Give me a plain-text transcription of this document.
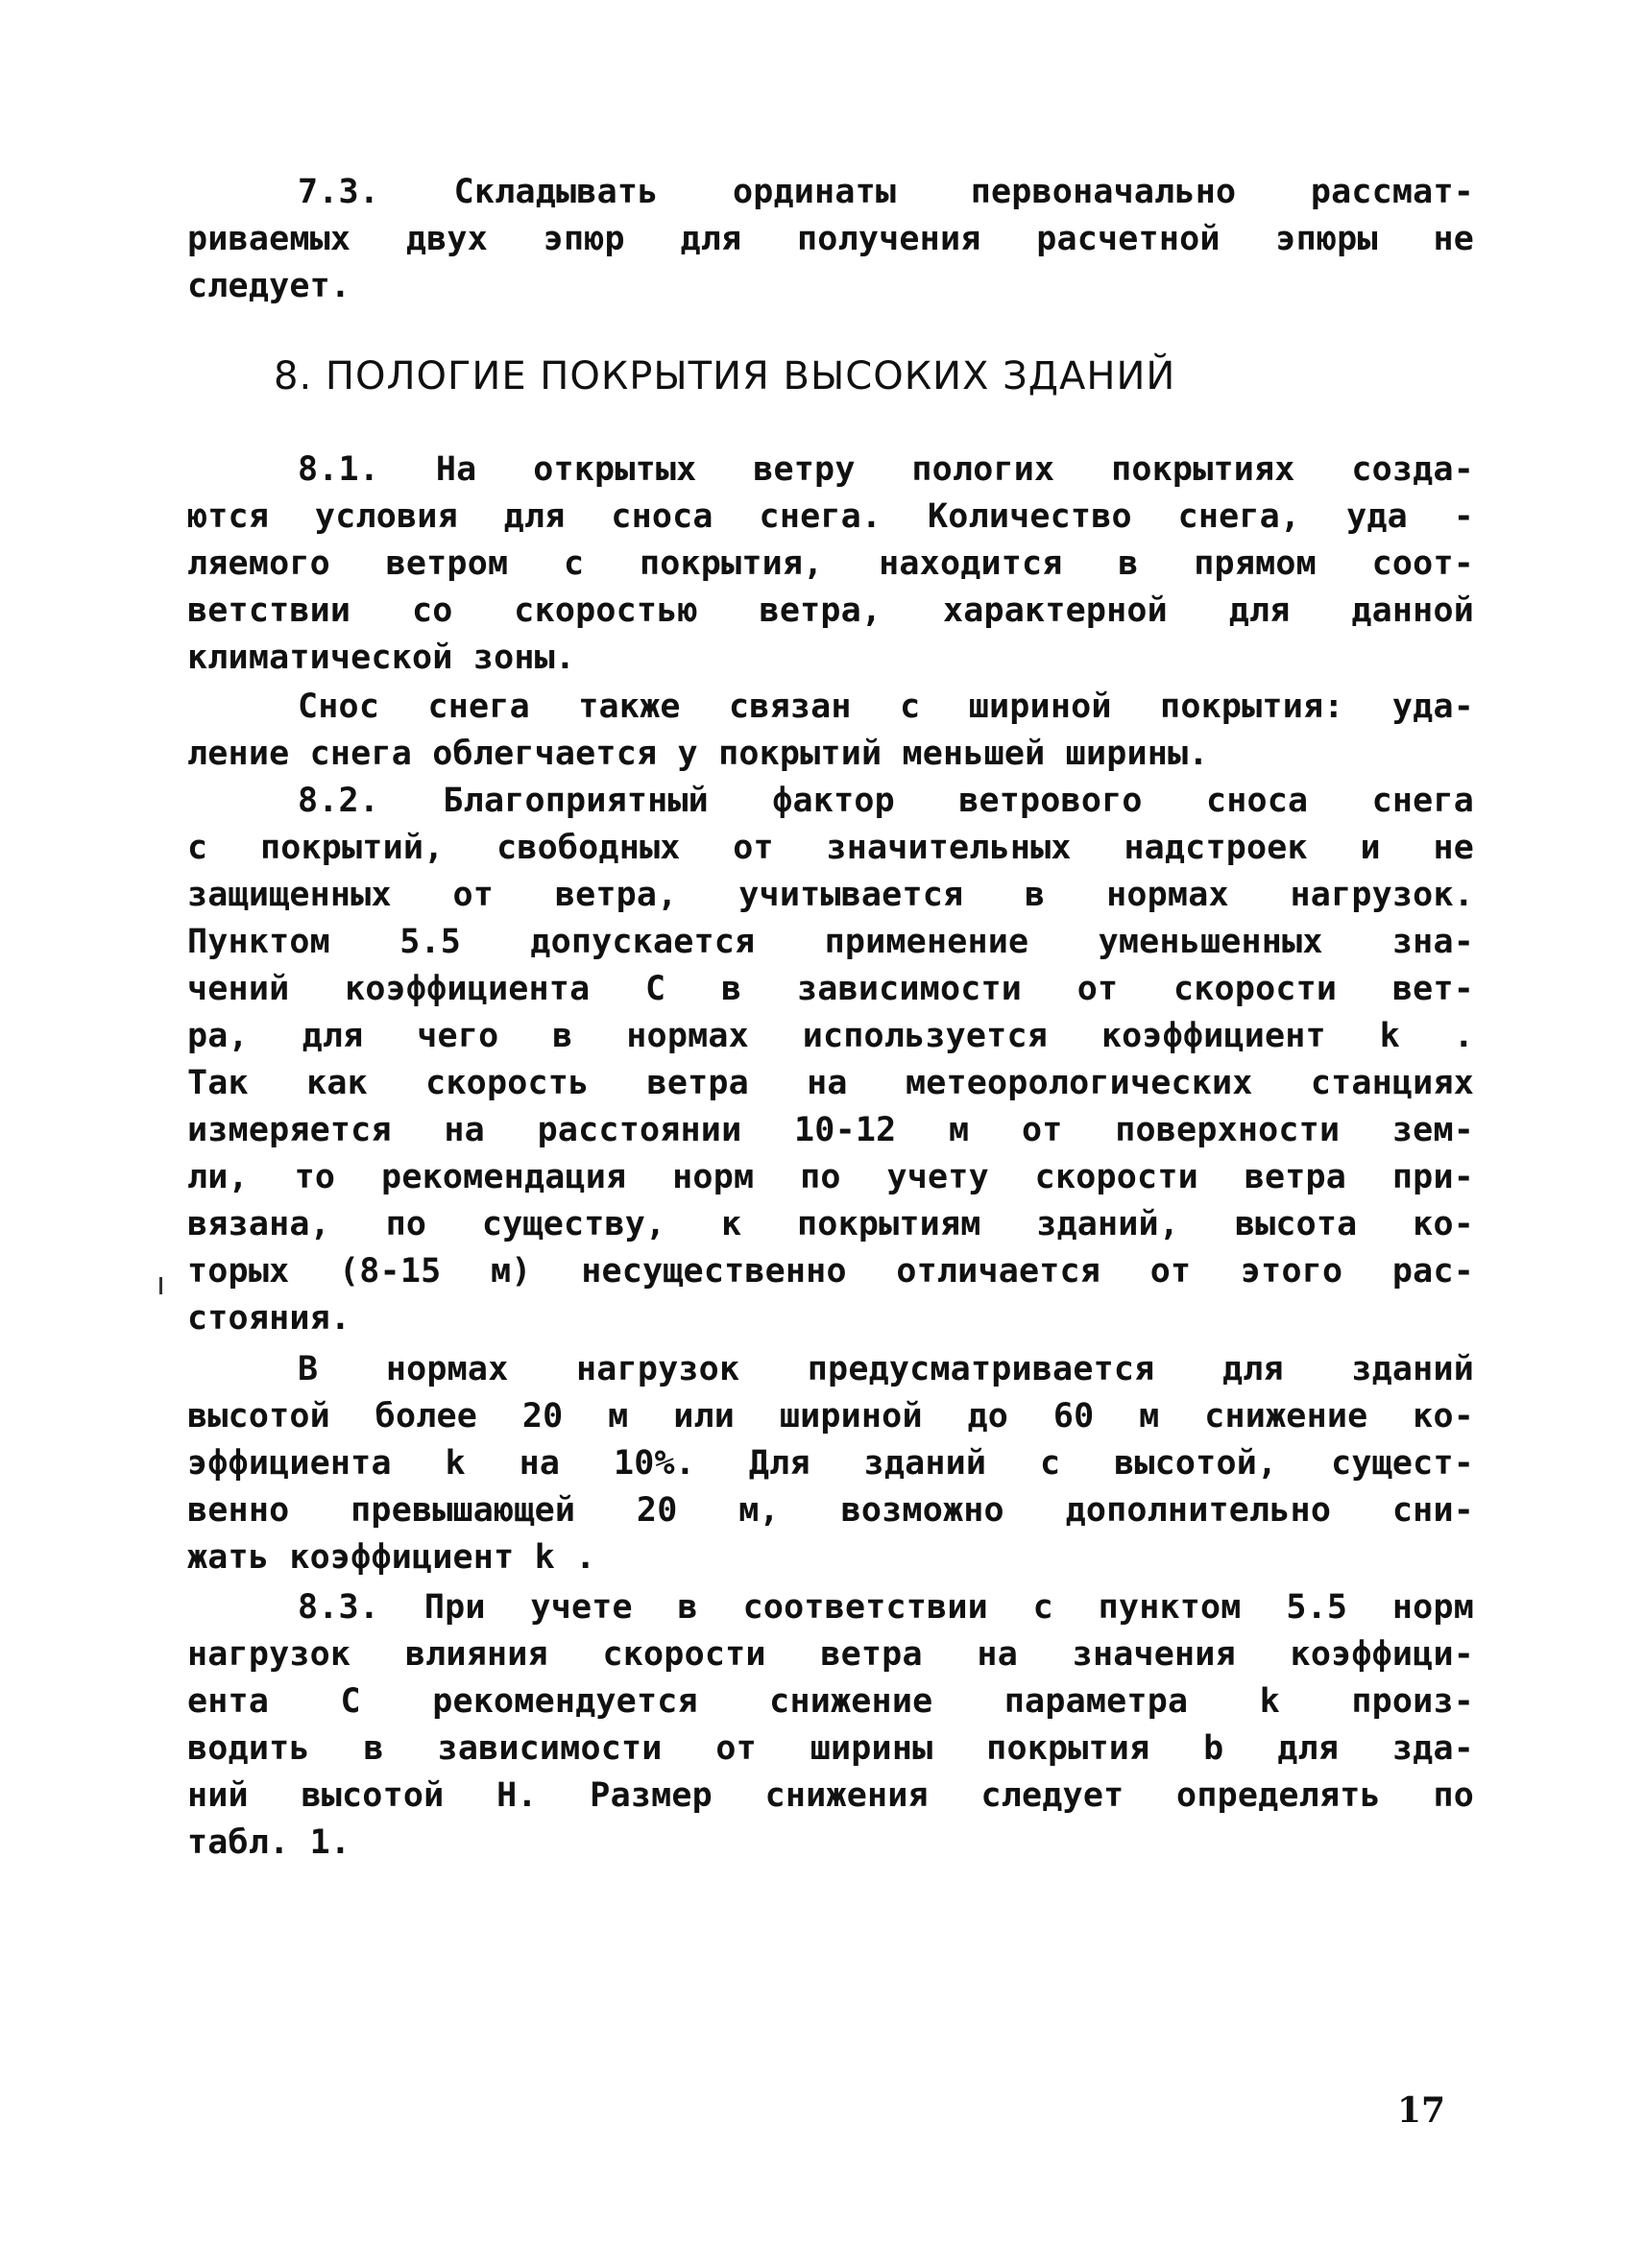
7.3. Складывать ординаты первоначально рассмат-
риваемых двух эпюр для получения расчетной эпюры не
следует.
8. ПОЛОГИЕ ПОКРЫТИЯ ВЫСОКИХ ЗДАНИЙ
8.1. На открытых ветру пологих покрытиях созда-
ются условия для сноса снега. Количество снега, уда -
ляемого ветром с покрытия, находится в прямом соот-
ветствии со скоростью ветра, характерной для данной
климатической зоны.
Снос снега также связан с шириной покрытия: уда-
ление снега облегчается у покрытий меньшей ширины.
8.2. Благоприятный фактор ветрового сноса снега
с покрытий, свободных от значительных надстроек и не
защищенных от ветра, учитывается в нормах нагрузок.
Пунктом 5.5 допускается применение уменьшенных зна-
чений коэффициента C в зависимости от скорости вет-
ра, для чего в нормах используется коэффициент k .
Так как скорость ветра на метеорологических станциях
измеряется на расстоянии 10-12 м от поверхности зем-
ли, то рекомендация норм по учету скорости ветра при-
вязана, по существу, к покрытиям зданий, высота ко-
торых (8-15 м) несущественно отличается от этого рас-
стояния.
В нормах нагрузок предусматривается для зданий
высотой более 20 м или шириной до 60 м снижение ко-
эффициента k на 10%. Для зданий с высотой, сущест-
венно превышающей 20 м, возможно дополнительно сни-
жать коэффициент k .
8.3. При учете в соответствии с пунктом 5.5 норм
нагрузок влияния скорости ветра на значения коэффици-
ента C рекомендуется снижение параметра k произ-
водить в зависимости от ширины покрытия b для зда-
ний высотой H. Размер снижения следует определять по
табл. 1.
17
